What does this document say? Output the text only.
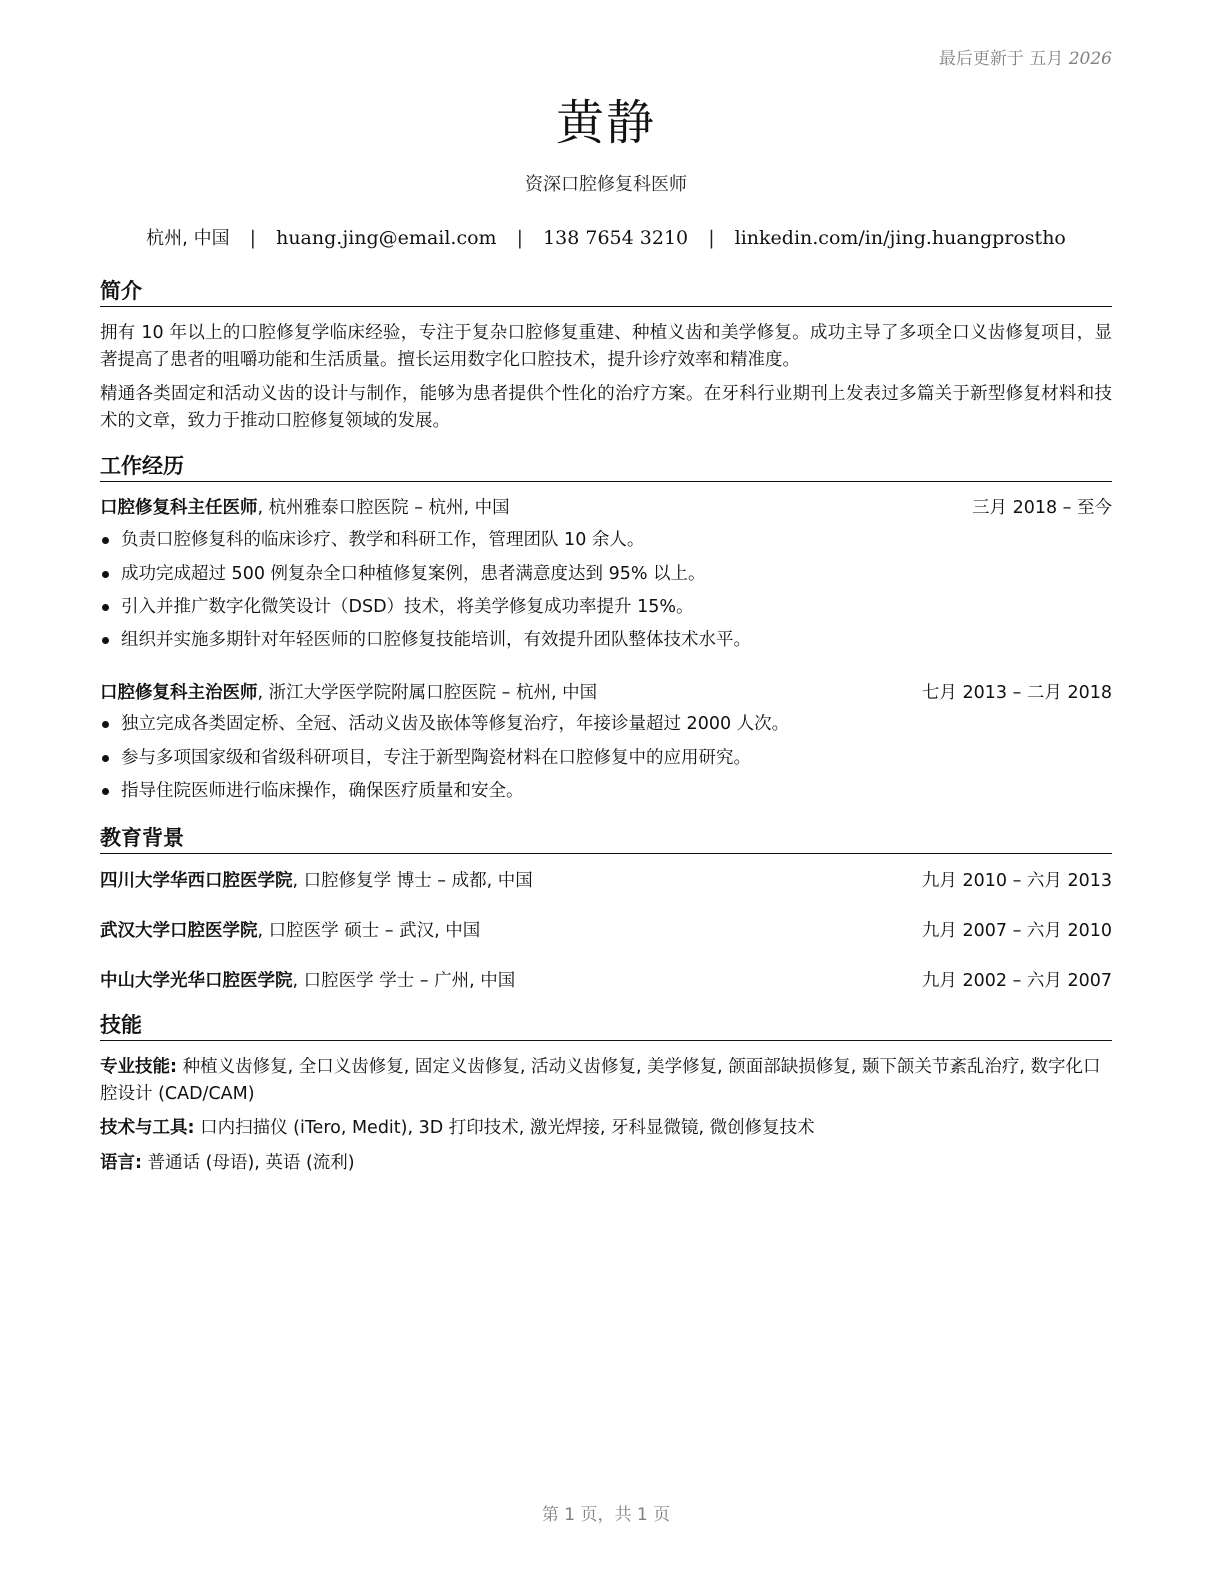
最后更新于 五月 2026
黄静
资深口腔修复科医师
杭州, 中国 | huang.jing@email.com | 138 7654 3210 | linkedin.com/in/jing.huangprostho
简介
拥有 10 年以上的口腔修复学临床经验，专注于复杂口腔修复重建、种植义齿和美学修复。成功主导了多项全口义齿修复项目，显著提高了患者的咀嚼功能和生活质量。擅长运用数字化口腔技术，提升诊疗效率和精准度。
精通各类固定和活动义齿的设计与制作，能够为患者提供个性化的治疗方案。在牙科行业期刊上发表过多篇关于新型修复材料和技术的文章，致力于推动口腔修复领域的发展。
工作经历
口腔修复科主任医师, 杭州雅泰口腔医院 – 杭州, 中国	三月 2018 – 至今
负责口腔修复科的临床诊疗、教学和科研工作，管理团队 10 余人。
成功完成超过 500 例复杂全口种植修复案例，患者满意度达到 95% 以上。
引入并推广数字化微笑设计（DSD）技术，将美学修复成功率提升 15%。
组织并实施多期针对年轻医师的口腔修复技能培训，有效提升团队整体技术水平。
口腔修复科主治医师, 浙江大学医学院附属口腔医院 – 杭州, 中国	七月 2013 – 二月 2018
独立完成各类固定桥、全冠、活动义齿及嵌体等修复治疗，年接诊量超过 2000 人次。
参与多项国家级和省级科研项目，专注于新型陶瓷材料在口腔修复中的应用研究。
指导住院医师进行临床操作，确保医疗质量和安全。
教育背景
四川大学华西口腔医学院, 口腔修复学 博士 – 成都, 中国	九月 2010 – 六月 2013
武汉大学口腔医学院, 口腔医学 硕士 – 武汉, 中国	九月 2007 – 六月 2010
中山大学光华口腔医学院, 口腔医学 学士 – 广州, 中国	九月 2002 – 六月 2007
技能
专业技能: 种植义齿修复, 全口义齿修复, 固定义齿修复, 活动义齿修复, 美学修复, 颌面部缺损修复, 颞下颌关节紊乱治疗, 数字化口腔设计 (CAD/CAM)
技术与工具: 口内扫描仪 (iTero, Medit), 3D 打印技术, 激光焊接, 牙科显微镜, 微创修复技术
语言: 普通话 (母语), 英语 (流利)
第 1 页，共 1 页
